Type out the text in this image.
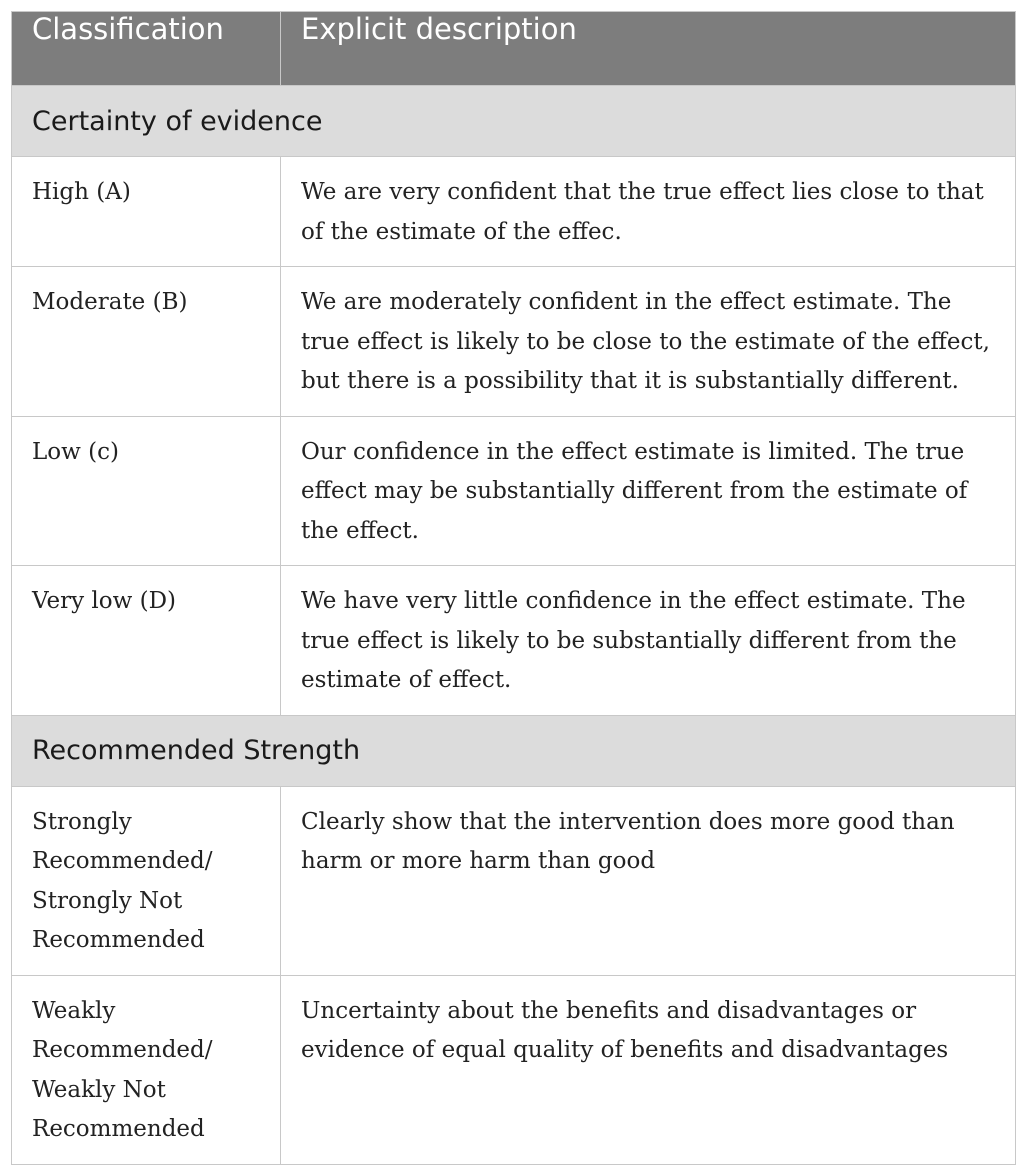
Classification	Explicit description
Certainty of evidence	
High (A)	We are very confident that the true effect lies close to that of the estimate of the effec.
Moderate (B)	We are moderately confident in the effect estimate. The true effect is likely to be close to the estimate of the effect, but there is a possibility that it is substantially different.
Low (c)	Our confidence in the effect estimate is limited. The true effect may be substantially different from the estimate of the effect.
Very low (D)	We have very little confidence in the effect estimate. The true effect is likely to be substantially different from the estimate of effect.
Recommended Strength	
Strongly Recommended/ Strongly Not Recommended	Clearly show that the intervention does more good than harm or more harm than good
Weakly Recommended/ Weakly Not Recommended	Uncertainty about the benefits and disadvantages or evidence of equal quality of benefits and disadvantages
